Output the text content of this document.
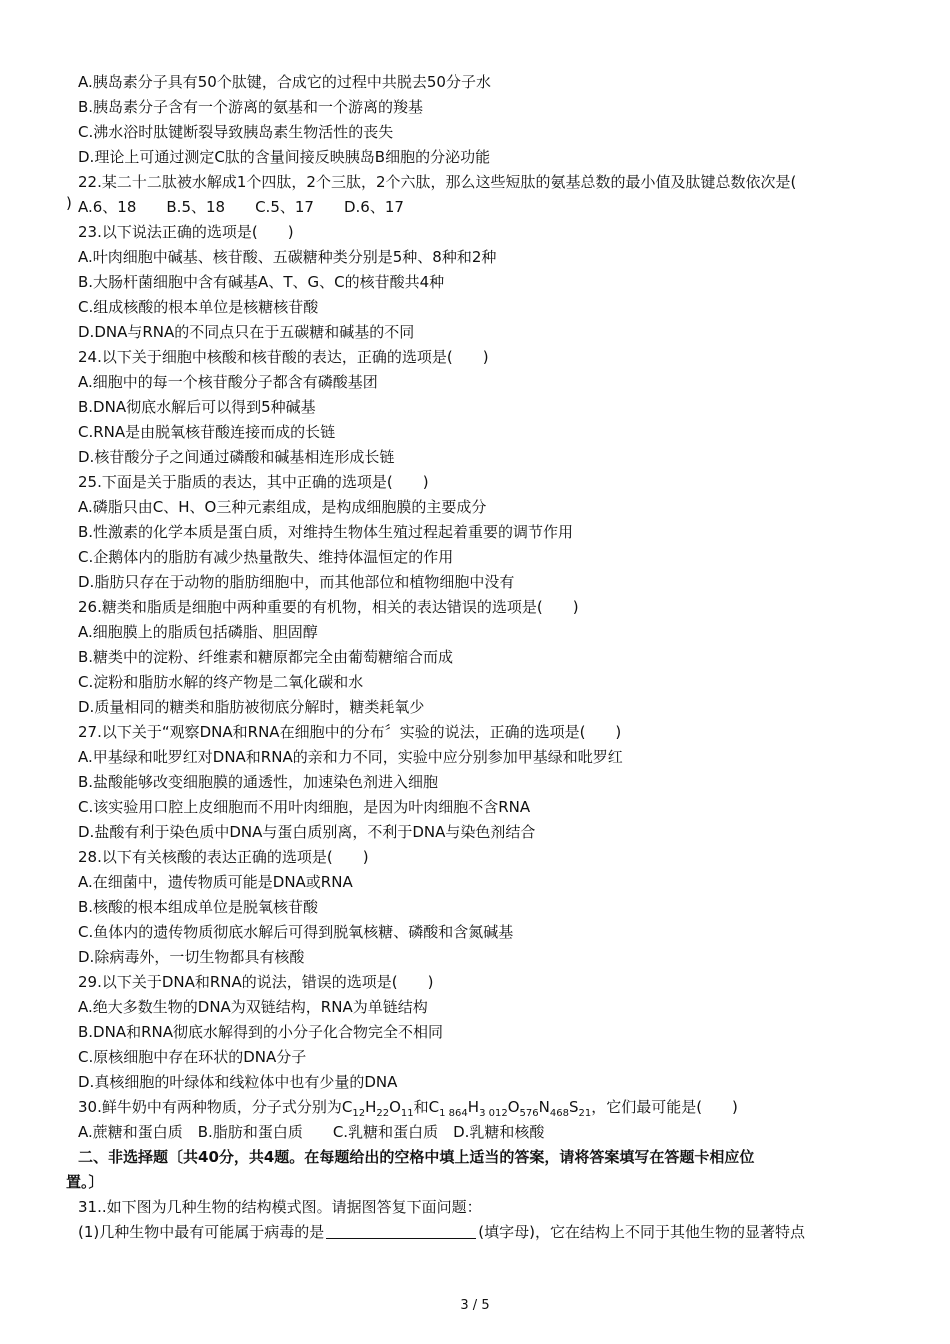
A.胰岛素分子具有50个肽键，合成它的过程中共脱去50分子水
B.胰岛素分子含有一个游离的氨基和一个游离的羧基
C.沸水浴时肽键断裂导致胰岛素生物活性的丧失
D.理论上可通过测定C肽的含量间接反映胰岛B细胞的分泌功能
22.某二十二肽被水解成1个四肽，2个三肽，2个六肽，那么这些短肽的氨基总数的最小值及肽键总数依次是(
) A.6、18　　B.5、18　　C.5、17　　D.6、17
23.以下说法正确的选项是(　　)
A.叶肉细胞中碱基、核苷酸、五碳糖种类分别是5种、8种和2种
B.大肠杆菌细胞中含有碱基A、T、G、C的核苷酸共4种
C.组成核酸的根本单位是核糖核苷酸
D.DNA与RNA的不同点只在于五碳糖和碱基的不同
24.以下关于细胞中核酸和核苷酸的表达，正确的选项是(　　)
A.细胞中的每一个核苷酸分子都含有磷酸基团
B.DNA彻底水解后可以得到5种碱基
C.RNA是由脱氧核苷酸连接而成的长链
D.核苷酸分子之间通过磷酸和碱基相连形成长链
25.下面是关于脂质的表达，其中正确的选项是(　　)
A.磷脂只由C、H、O三种元素组成，是构成细胞膜的主要成分
B.性激素的化学本质是蛋白质，对维持生物体生殖过程起着重要的调节作用
C.企鹅体内的脂肪有减少热量散失、维持体温恒定的作用
D.脂肪只存在于动物的脂肪细胞中，而其他部位和植物细胞中没有
26.糖类和脂质是细胞中两种重要的有机物，相关的表达错误的选项是(　　)
A.细胞膜上的脂质包括磷脂、胆固醇
B.糖类中的淀粉、纤维素和糖原都完全由葡萄糖缩合而成
C.淀粉和脂肪水解的终产物是二氧化碳和水
D.质量相同的糖类和脂肪被彻底分解时，糖类耗氧少
27.以下关于“观察DNA和RNA在细胞中的分布〞实验的说法，正确的选项是(　　)
A.甲基绿和吡罗红对DNA和RNA的亲和力不同，实验中应分别参加甲基绿和吡罗红
B.盐酸能够改变细胞膜的通透性，加速染色剂进入细胞
C.该实验用口腔上皮细胞而不用叶肉细胞，是因为叶肉细胞不含RNA
D.盐酸有利于染色质中DNA与蛋白质别离，不利于DNA与染色剂结合
28.以下有关核酸的表达正确的选项是(　　)
A.在细菌中，遗传物质可能是DNA或RNA
B.核酸的根本组成单位是脱氧核苷酸
C.鱼体内的遗传物质彻底水解后可得到脱氧核糖、磷酸和含氮碱基
D.除病毒外，一切生物都具有核酸
29.以下关于DNA和RNA的说法，错误的选项是(　　)
A.绝大多数生物的DNA为双链结构，RNA为单链结构
B.DNA和RNA彻底水解得到的小分子化合物完全不相同
C.原核细胞中存在环状的DNA分子
D.真核细胞的叶绿体和线粒体中也有少量的DNA
30.鲜牛奶中有两种物质，分子式分别为$C_{12}H_{22}O_{11}$和$C_{1 864}H_{3 012}O_{576}N_{468}S_{21}$，它们最可能是(　　)
A.蔗糖和蛋白质　B.脂肪和蛋白质　　C.乳糖和蛋白质　D.乳糖和核酸
二、非选择题〔共40分，共4题。在每题给出的空格中填上适当的答案，请将答案填写在答题卡相应位
置。〕
31..如下图为几种生物的结构模式图。请据图答复下面问题：
(1)几种生物中最有可能属于病毒的是	(填字母)，它在结构上不同于其他生物的显著特点
3 / 5
